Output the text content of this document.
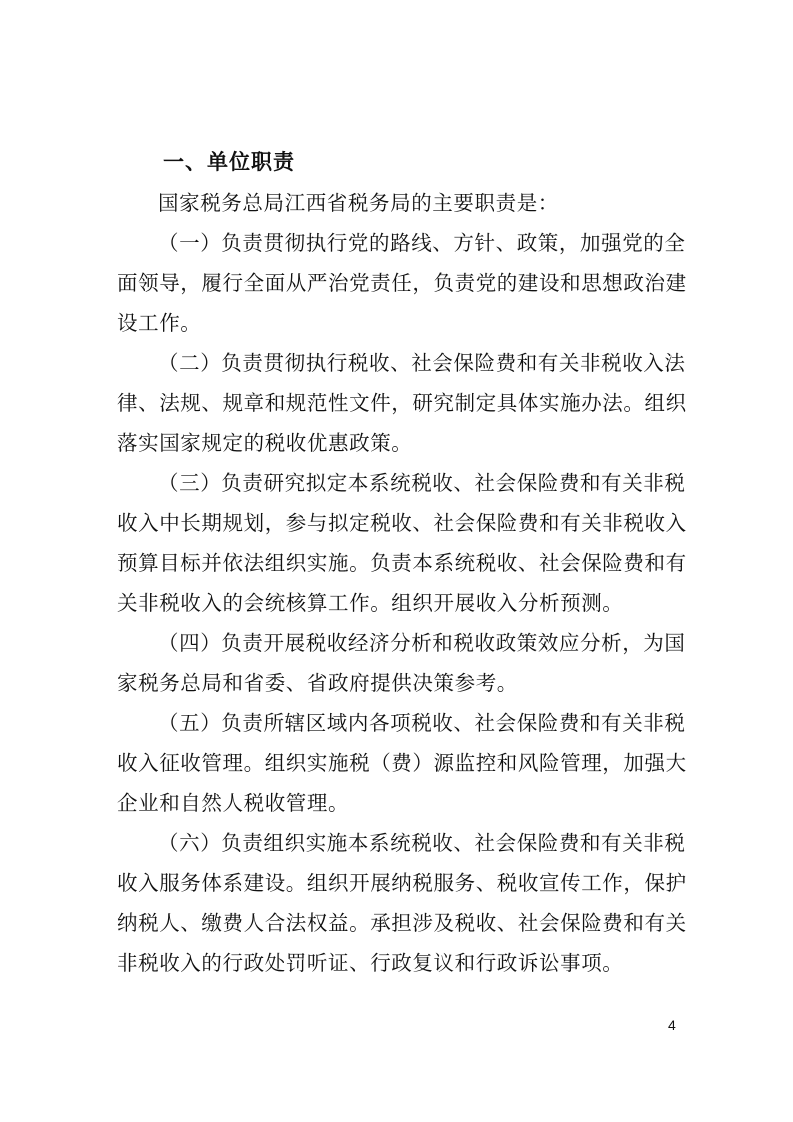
一、单位职责

国家税务总局江西省税务局的主要职责是：

（一）负责贯彻执行党的路线、方针、政策，加强党的全面领导，履行全面从严治党责任，负责党的建设和思想政治建设工作。

（二）负责贯彻执行税收、社会保险费和有关非税收入法律、法规、规章和规范性文件，研究制定具体实施办法。组织落实国家规定的税收优惠政策。

（三）负责研究拟定本系统税收、社会保险费和有关非税收入中长期规划，参与拟定税收、社会保险费和有关非税收入预算目标并依法组织实施。负责本系统税收、社会保险费和有关非税收入的会统核算工作。组织开展收入分析预测。

（四）负责开展税收经济分析和税收政策效应分析，为国家税务总局和省委、省政府提供决策参考。

（五）负责所辖区域内各项税收、社会保险费和有关非税收入征收管理。组织实施税（费）源监控和风险管理，加强大企业和自然人税收管理。

（六）负责组织实施本系统税收、社会保险费和有关非税收入服务体系建设。组织开展纳税服务、税收宣传工作，保护纳税人、缴费人合法权益。承担涉及税收、社会保险费和有关非税收入的行政处罚听证、行政复议和行政诉讼事项。

4
